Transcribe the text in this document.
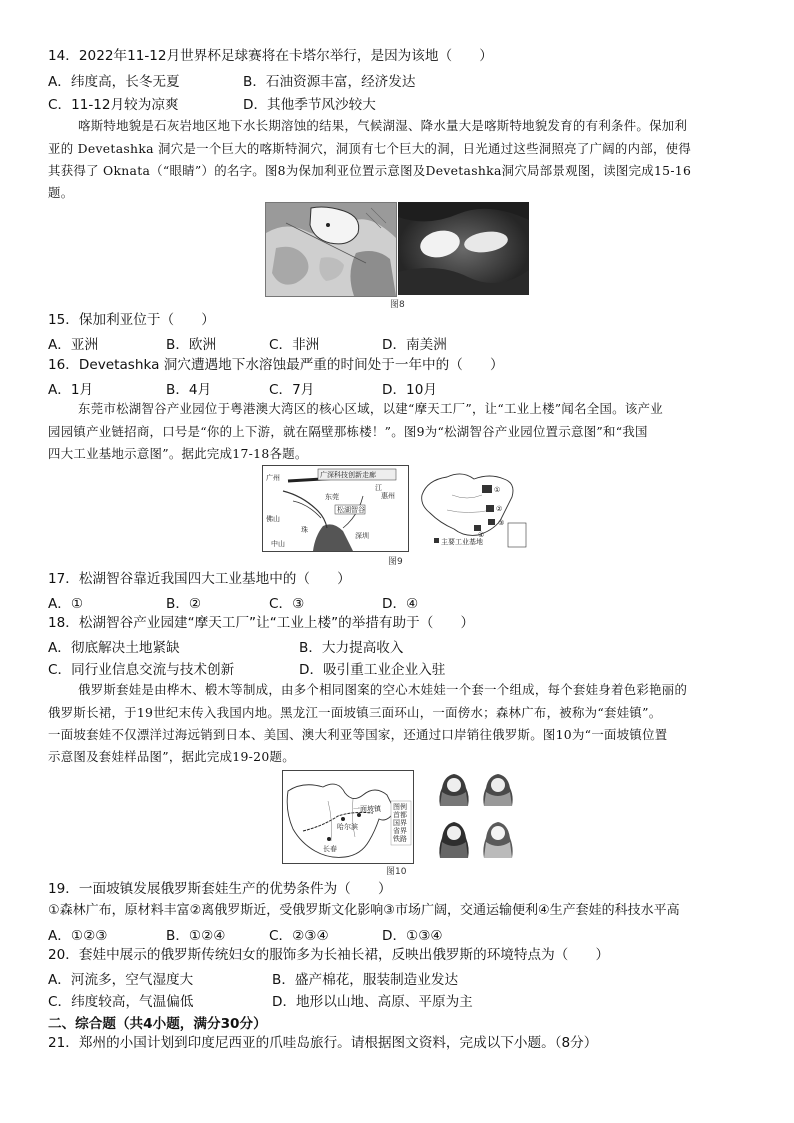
14．2022年11-12月世界杯足球赛将在卡塔尔举行，是因为该地（　　）
A．纬度高，长冬无夏	B．石油资源丰富，经济发达
C．11-12月较为凉爽	D．其他季节风沙较大
喀斯特地貌是石灰岩地区地下水长期溶蚀的结果，气候湖湿、降水量大是喀斯特地貌发育的有利条件。保加利
亚的 Devetashka 洞穴是一个巨大的喀斯特洞穴，洞顶有七个巨大的洞，日光通过这些洞照亮了广阔的内部，使得
其获得了 Oknata（“眼睛”）的名字。图8为保加利亚位置示意图及Devetashka洞穴局部景观图，读图完成15-16
题。
图8
15．保加利亚位于（　　）
A．亚洲	B．欧洲	C．非洲	D．南美洲
16．Devetashka 洞穴遭遇地下水溶蚀最严重的时间处于一年中的（　　）
A．1月	B．4月	C．7月	D．10月
东莞市松湖智谷产业园位于粤港澳大湾区的核心区域，以建“摩天工厂”，让“工业上楼”闻名全国。该产业
园园镇产业链招商，口号是“你的上下游，就在隔壁那栋楼！”。图9为“松湖智谷产业园位置示意图”和“我国
四大工业基地示意图”。据此完成17-18各题。
广深科技创新走廊
广州
江
惠州
东莞
松湖智谷
佛山
中山
深圳
珠
①
②
③
④
主要工业基地
图9
17．松湖智谷靠近我国四大工业基地中的（　　）
A．①	B．②	C．③	D．④
18．松湖智谷产业园建“摩天工厂”让“工业上楼”的举措有助于（　　）
A．彻底解决土地紧缺	B．大力提高收入
C．同行业信息交流与技术创新	D．吸引重工业企业入驻
俄罗斯套娃是由桦木、椴木等制成，由多个相同图案的空心木娃娃一个套一个组成，每个套娃身着色彩艳丽的
俄罗斯长裙，于19世纪末传入我国内地。黑龙江一面坡镇三面环山，一面傍水；森林广布，被称为“套娃镇”。
一面坡套娃不仅漂洋过海远销到日本、美国、澳大利亚等国家，还通过口岸销往俄罗斯。图10为“一面坡镇位置
示意图及套娃样品图”，据此完成19-20题。
哈尔滨
长春
一面坡镇 图例
首都
国界
省界
铁路
图10
19．一面坡镇发展俄罗斯套娃生产的优势条件为（　　）
①森林广布，原材料丰富②离俄罗斯近，受俄罗斯文化影响③市场广阔，交通运输便利④生产套娃的科技水平高
A．①②③	B．①②④	C．②③④	D．①③④
20．套娃中展示的俄罗斯传统妇女的服饰多为长袖长裙，反映出俄罗斯的环境特点为（　　）
A．河流多，空气湿度大	B．盛产棉花，服装制造业发达
C．纬度较高，气温偏低	D．地形以山地、高原、平原为主
二、综合题（共4小题，满分30分）
21．郑州的小国计划到印度尼西亚的爪哇岛旅行。请根据图文资料，完成以下小题。（8分）
